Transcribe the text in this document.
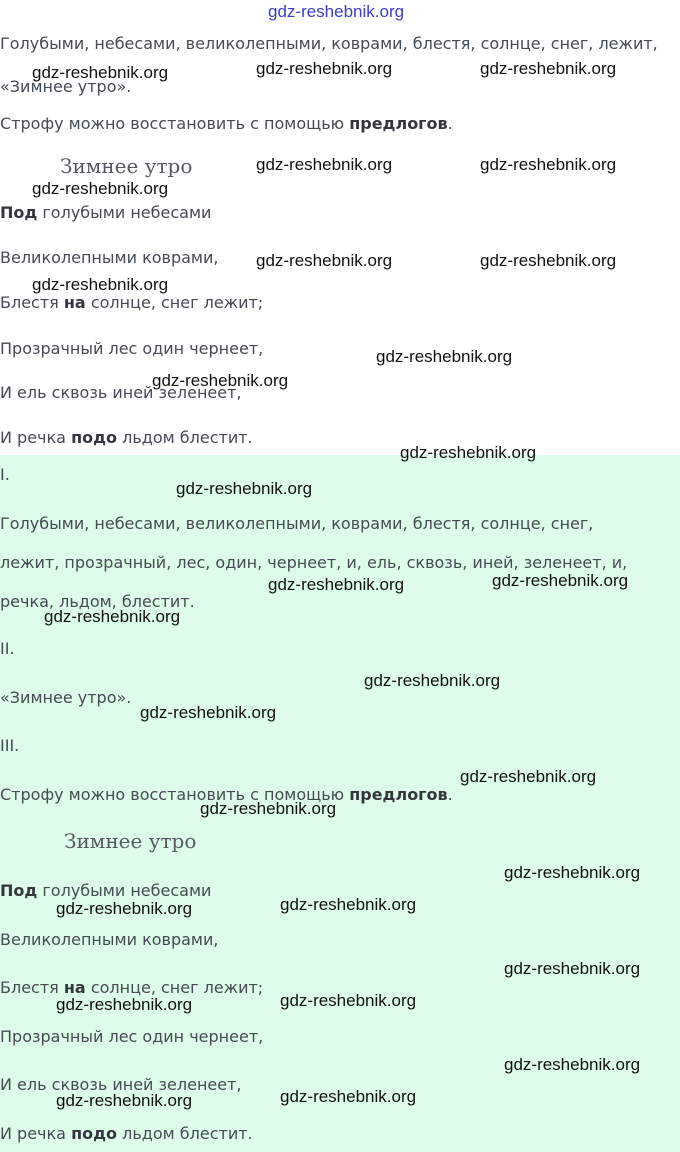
gdz-reshebnik.org
Голубыми, небесами, великолепными, коврами, блестя, солнце, снег, лежит,
«Зимнее утро».
Строфу можно восстановить с помощью предлогов.
Зимнее утро
Под голубыми небесами
Великолепными коврами,
Блестя на солнце, снег лежит;
Прозрачный лес один чернеет,
И ель сквозь иней зеленеет,
И речка подо льдом блестит.
I.
Голубыми, небесами, великолепными, коврами, блестя, солнце, снег,
лежит, прозрачный, лес, один, чернеет, и, ель, сквозь, иней, зеленеет, и,
речка, льдом, блестит.
II.
«Зимнее утро».
III.
Строфу можно восстановить с помощью предлогов.
Зимнее утро
Под голубыми небесами
Великолепными коврами,
Блестя на солнце, снег лежит;
Прозрачный лес один чернеет,
И ель сквозь иней зеленеет,
И речка подо льдом блестит.
gdz-reshebnik.org	gdz-reshebnik.org	gdz-reshebnik.org
gdz-reshebnik.org	gdz-reshebnik.org
gdz-reshebnik.org
gdz-reshebnik.org	gdz-reshebnik.org
gdz-reshebnik.org
gdz-reshebnik.org
gdz-reshebnik.org
gdz-reshebnik.org
gdz-reshebnik.org
gdz-reshebnik.org	gdz-reshebnik.org
gdz-reshebnik.org
gdz-reshebnik.org
gdz-reshebnik.org
gdz-reshebnik.org
gdz-reshebnik.org
gdz-reshebnik.org
gdz-reshebnik.org
gdz-reshebnik.org
gdz-reshebnik.org
gdz-reshebnik.org
gdz-reshebnik.org
gdz-reshebnik.org
gdz-reshebnik.org
gdz-reshebnik.org
